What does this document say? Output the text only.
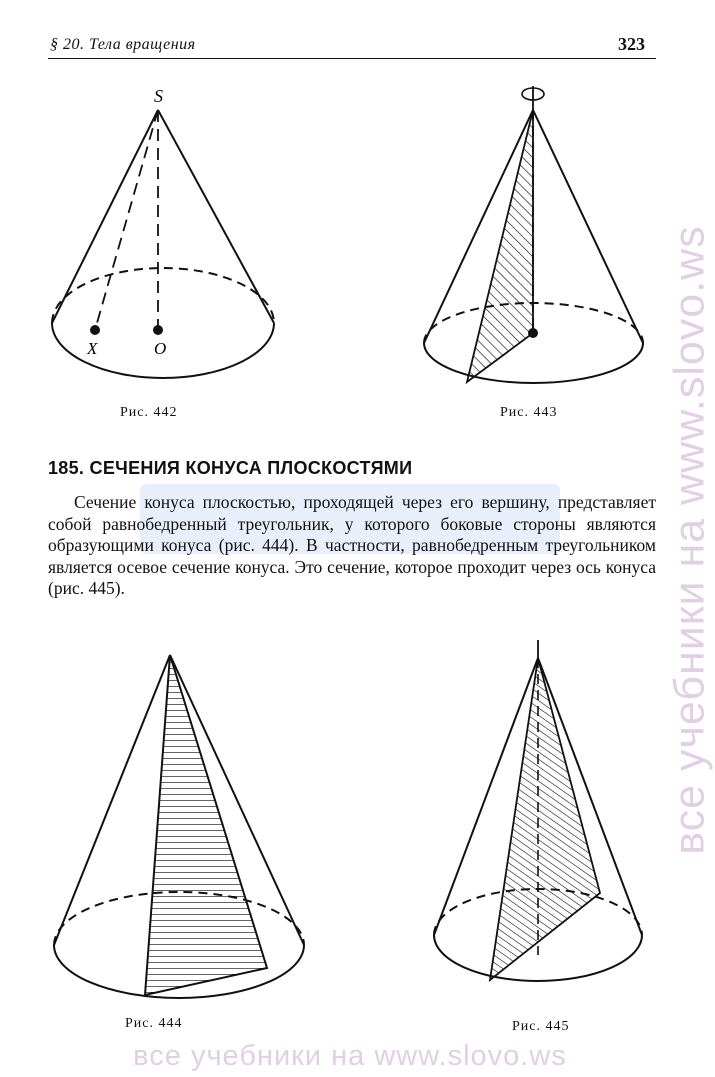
§ 20. Тела вращения	323
S
X	O
Рис. 442	Рис. 443
185. СЕЧЕНИЯ КОНУСА ПЛОСКОСТЯМИ

Сечение конуса плоскостью, проходящей через его вершину, представляет собой равнобедренный треугольник, у которого боковые стороны являются образующими конуса (рис. 444). В частности, равнобедренным треугольником является осевое сечение конуса. Это сечение, которое проходит через ось конуса (рис. 445).

Рис. 444	Рис. 445
все учебники на www.slovo.ws
все учебники на www.slovo.ws
